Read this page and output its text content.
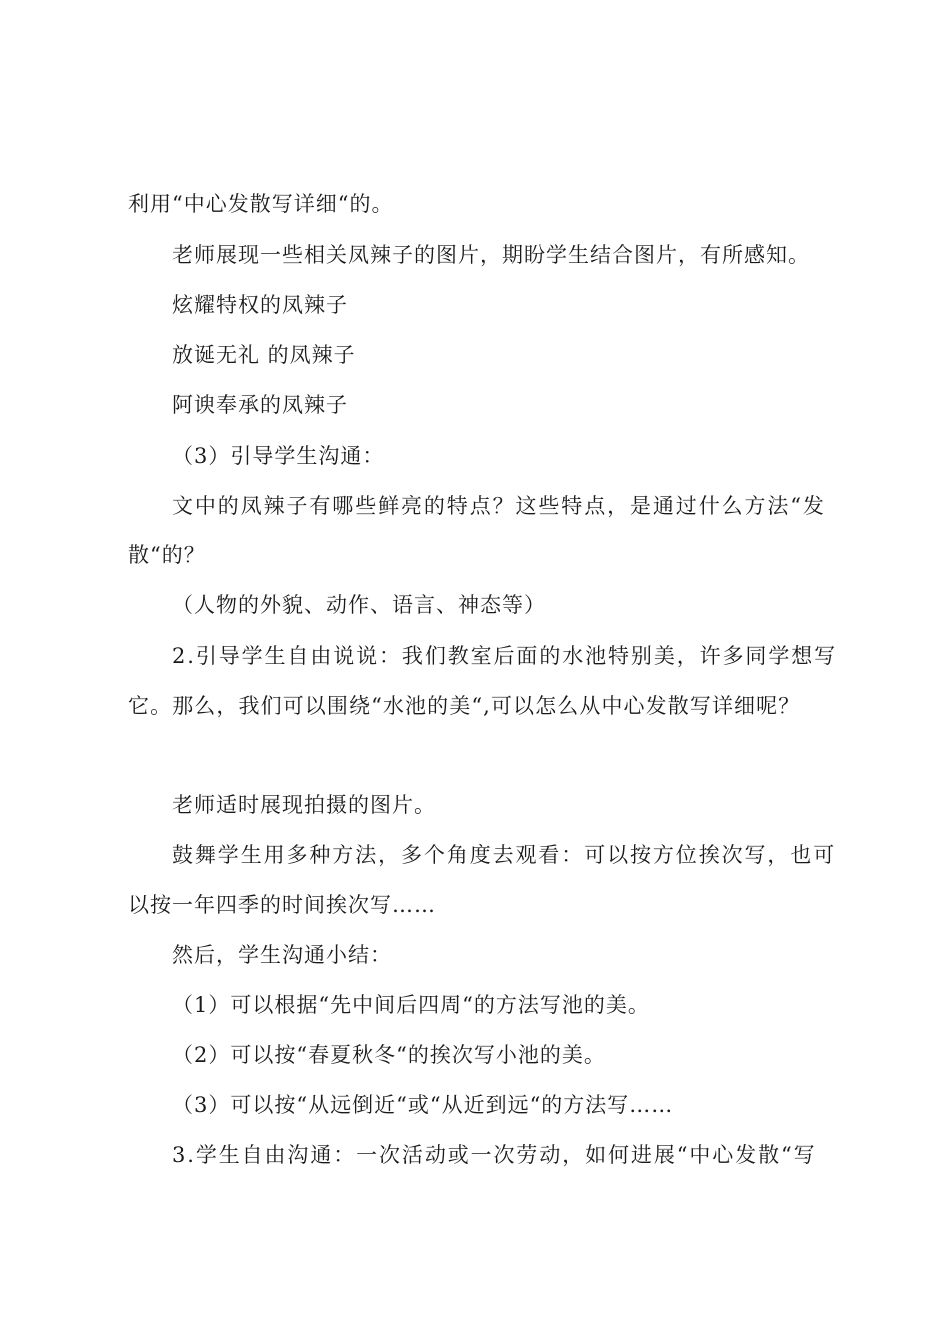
利用“中心发散写详细“的。
老师展现一些相关凤辣子的图片，期盼学生结合图片，有所感知。
炫耀特权的凤辣子
放诞无礼 的凤辣子
阿谀奉承的凤辣子
（3）引导学生沟通：
文中的凤辣子有哪些鲜亮的特点？这些特点，是通过什么方法“发
散“的？
（人物的外貌、动作、语言、神态等）
2.引导学生自由说说：我们教室后面的水池特别美，许多同学想写
它。那么，我们可以围绕“水池的美“,可以怎么从中心发散写详细呢？
老师适时展现拍摄的图片。
鼓舞学生用多种方法，多个角度去观看：可以按方位挨次写，也可
以按一年四季的时间挨次写……
然后，学生沟通小结：
（1）可以根据“先中间后四周“的方法写池的美。
（2）可以按“春夏秋冬“的挨次写小池的美。
（3）可以按“从远倒近“或“从近到远“的方法写……
3.学生自由沟通：一次活动或一次劳动，如何进展“中心发散“写
